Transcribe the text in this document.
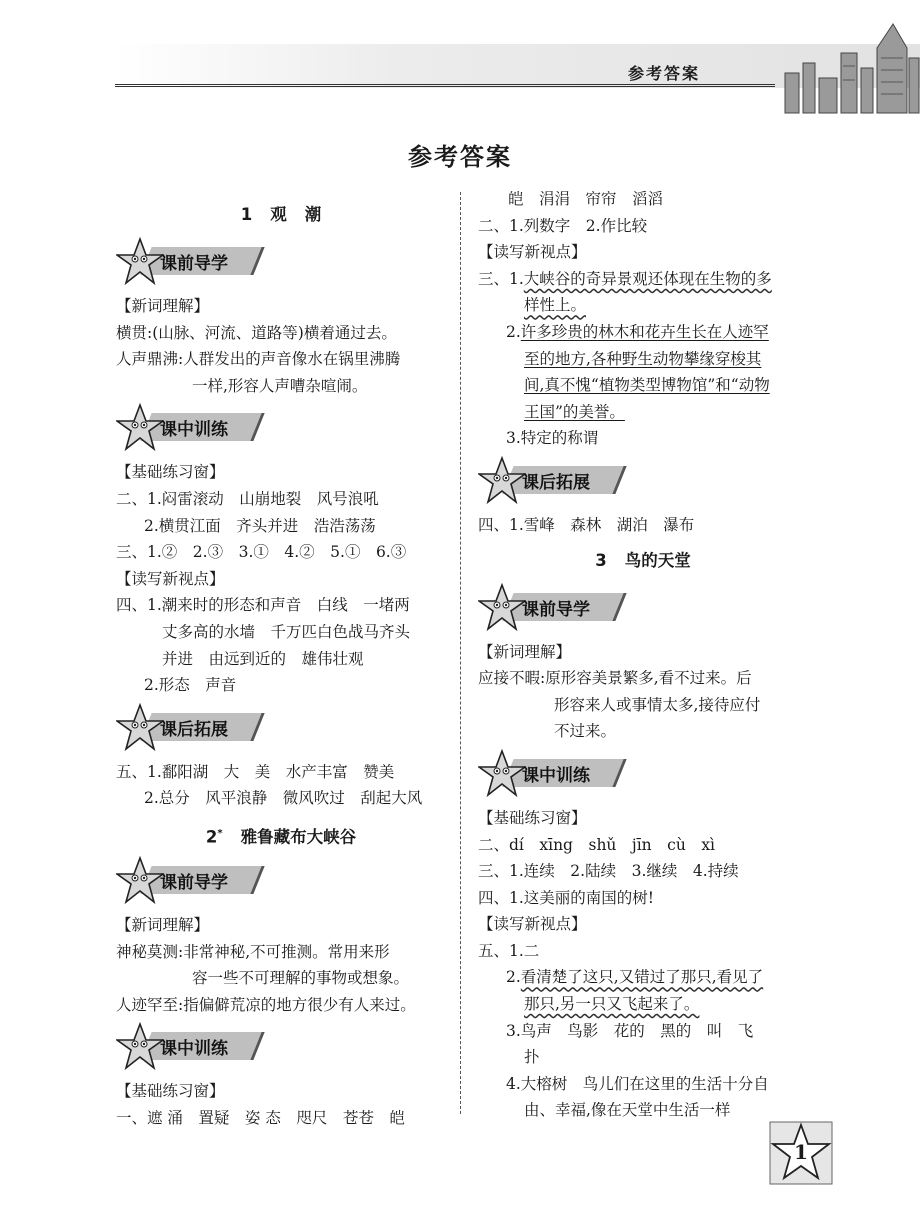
参考答案
参考答案
1 观 潮
课前导学
【新词理解】
横贯:(山脉、河流、道路等)横着通过去。
人声鼎沸:人群发出的声音像水在锅里沸腾
一样,形容人声嘈杂喧闹。
课中训练
【基础练习窗】
二、1.闷雷滚动　山崩地裂　风号浪吼
2.横贯江面　齐头并进　浩浩荡荡
三、1.②　2.③　3.①　4.②　5.①　6.③
【读写新视点】
四、1.潮来时的形态和声音　白线　一堵两
丈多高的水墙　千万匹白色战马齐头
并进　由远到近的　雄伟壮观
2.形态　声音
课后拓展
五、1.鄱阳湖　大　美　水产丰富　赞美
2.总分　风平浪静　微风吹过　刮起大风
2* 雅鲁藏布大峡谷
课前导学
【新词理解】
神秘莫测:非常神秘,不可推测。常用来形
容一些不可理解的事物或想象。
人迹罕至:指偏僻荒凉的地方很少有人来过。
课中训练
【基础练习窗】
一、遮 涌　置疑　姿 态　咫尺　苍苍　皑
皑　涓涓　帘帘　滔滔
二、1.列数字　2.作比较
【读写新视点】
三、1.大峡谷的奇异景观还体现在生物的多
样性上。
2.许多珍贵的林木和花卉生长在人迹罕
至的地方,各种野生动物攀缘穿梭其
间,真不愧“植物类型博物馆”和“动物
王国”的美誉。
3.特定的称谓
课后拓展
四、1.雪峰　森林　湖泊　瀑布
3 鸟的天堂
课前导学
【新词理解】
应接不暇:原形容美景繁多,看不过来。后
形容来人或事情太多,接待应付
不过来。
课中训练
【基础练习窗】
二、dí　xīng　shǔ　jīn　cù　xì
三、1.连续　2.陆续　3.继续　4.持续
四、1.这美丽的南国的树!
【读写新视点】
五、1.二
2.看清楚了这只,又错过了那只,看见了
那只,另一只又飞起来了。
3.鸟声　鸟影　花的　黑的　叫　飞
扑
4.大榕树　鸟儿们在这里的生活十分自
由、幸福,像在天堂中生活一样
1
